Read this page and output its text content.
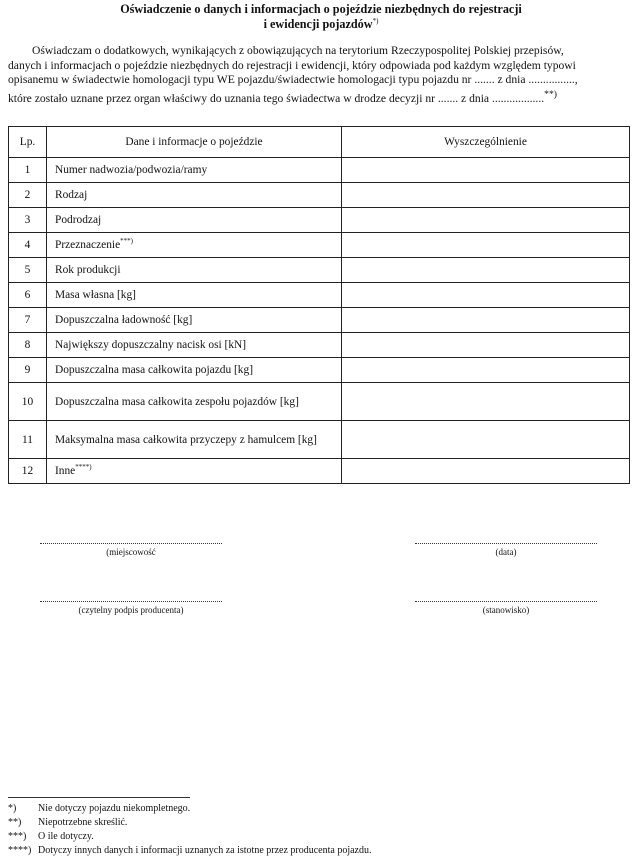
Oświadczenie o danych i informacjach o pojeździe niezbędnych do rejestracji
i ewidencji pojazdów*)
Oświadczam o dodatkowych, wynikających z obowiązujących na terytorium Rzeczypospolitej Polskiej przepisów,
danych i informacjach o pojeździe niezbędnych do rejestracji i ewidencji, który odpowiada pod każdym względem typowi
opisanemu w świadectwie homologacji typu WE pojazdu/świadectwie homologacji typu pojazdu nr ....... z dnia ................,
które zostało uznane przez organ właściwy do uznania tego świadectwa w drodze decyzji nr ....... z dnia ..................**)
Lp.	Dane i informacje o pojeździe	Wyszczególnienie
1	Numer nadwozia/podwozia/ramy	
2	Rodzaj	
3	Podrodzaj	
4	Przeznaczenie***)	
5	Rok produkcji	
6	Masa własna [kg]	
7	Dopuszczalna ładowność [kg]	
8	Największy dopuszczalny nacisk osi [kN]	
9	Dopuszczalna masa całkowita pojazdu [kg]	
10	Dopuszczalna masa całkowita zespołu pojazdów [kg]	
11	Maksymalna masa całkowita przyczepy z hamulcem [kg]	
12	Inne****)	
(miejscowość	(data)
(czytelny podpis producenta)	(stanowisko)
*)	Nie dotyczy pojazdu niekompletnego.
**)	Niepotrzebne skreślić.
***)	O ile dotyczy.
****) Dotyczy innych danych i informacji uznanych za istotne przez producenta pojazdu.
